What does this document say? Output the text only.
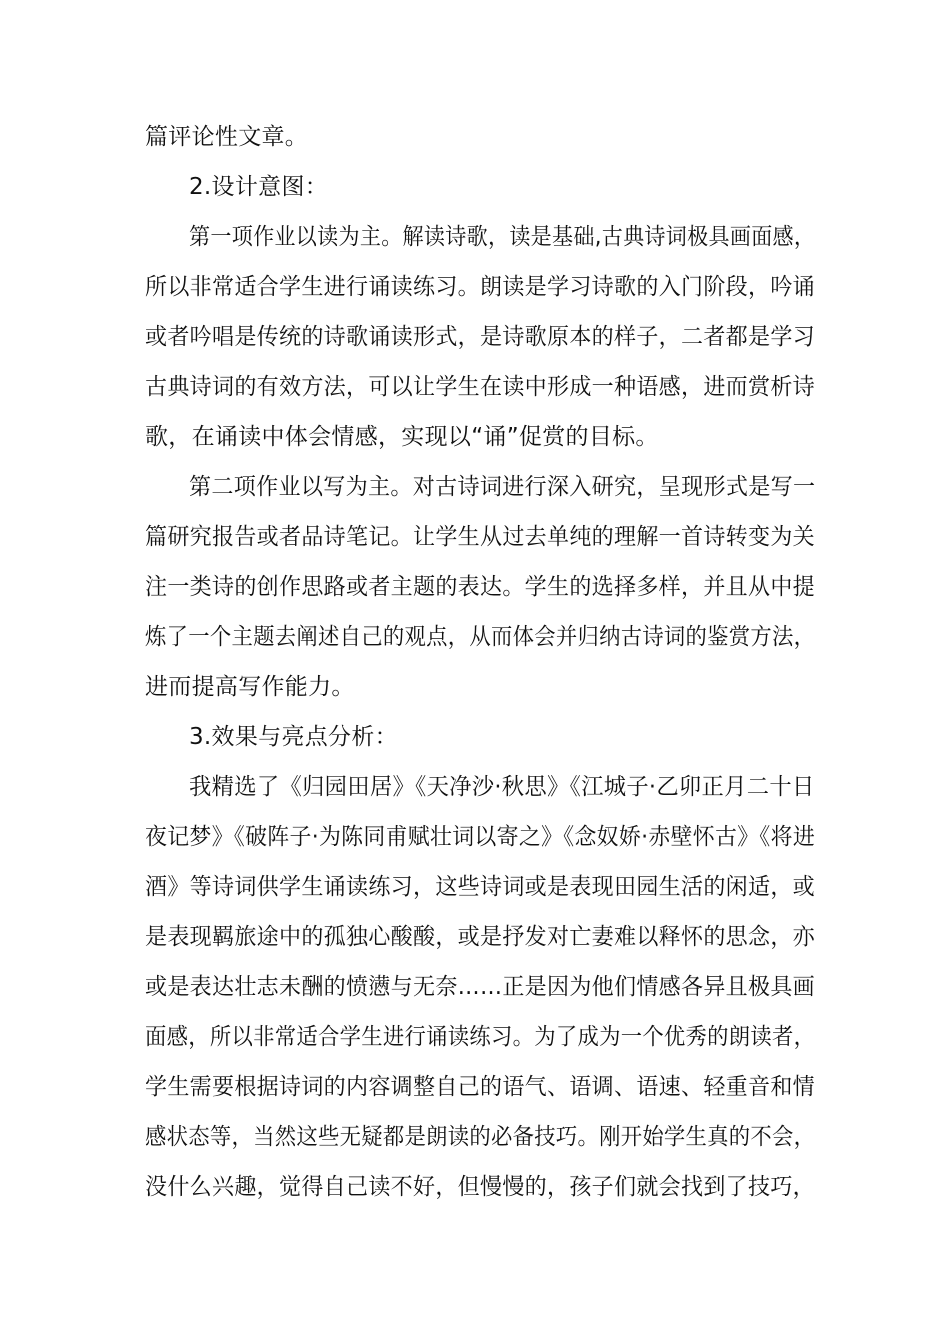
篇评论性文章。
2.设计意图：
第一项作业以读为主。解读诗歌，读是基础,古典诗词极具画面感，
所以非常适合学生进行诵读练习。朗读是学习诗歌的入门阶段，吟诵
或者吟唱是传统的诗歌诵读形式，是诗歌原本的样子，二者都是学习
古典诗词的有效方法，可以让学生在读中形成一种语感，进而赏析诗
歌，在诵读中体会情感，实现以“诵”促赏的目标。
第二项作业以写为主。对古诗词进行深入研究，呈现形式是写一
篇研究报告或者品诗笔记。让学生从过去单纯的理解一首诗转变为关
注一类诗的创作思路或者主题的表达。学生的选择多样，并且从中提
炼了一个主题去阐述自己的观点，从而体会并归纳古诗词的鉴赏方法，
进而提高写作能力。
3.效果与亮点分析：
我精选了《归园田居》《天净沙·秋思》《江城子·乙卯正月二十日
夜记梦》《破阵子·为陈同甫赋壮词以寄之》《念奴娇·赤壁怀古》《将进
酒》等诗词供学生诵读练习，这些诗词或是表现田园生活的闲适，或
是表现羁旅途中的孤独心酸酸，或是抒发对亡妻难以释怀的思念，亦
或是表达壮志未酬的愤懑与无奈……正是因为他们情感各异且极具画
面感，所以非常适合学生进行诵读练习。为了成为一个优秀的朗读者，
学生需要根据诗词的内容调整自己的语气、语调、语速、轻重音和情
感状态等，当然这些无疑都是朗读的必备技巧。刚开始学生真的不会，
没什么兴趣，觉得自己读不好，但慢慢的，孩子们就会找到了技巧，
